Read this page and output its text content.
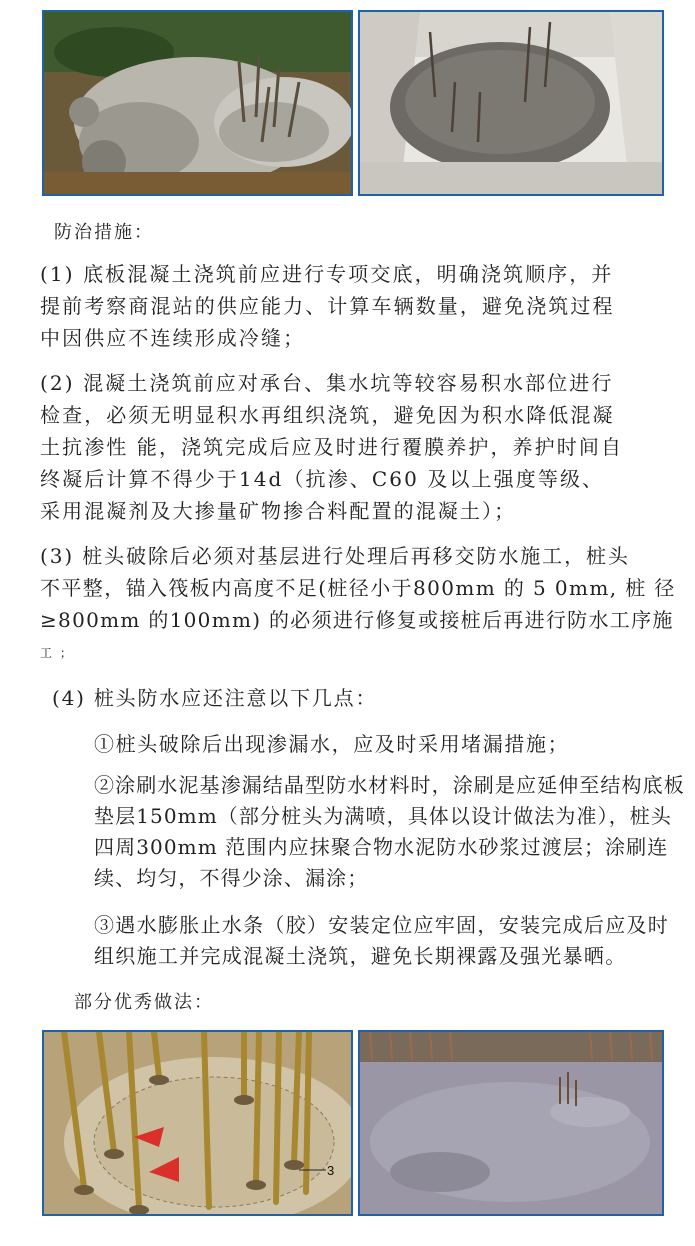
防治措施：
(1) 底板混凝土浇筑前应进行专项交底，明确浇筑顺序，并提前考察商混站的供应能力、计算车辆数量，避免浇筑过程中因供应不连续形成冷缝；
(2) 混凝土浇筑前应对承台、集水坑等较容易积水部位进行检查，必须无明显积水再组织浇筑，避免因为积水降低混凝土抗渗性 能，浇筑完成后应及时进行覆膜养护，养护时间自终凝后计算不得少于14d（抗渗、C60 及以上强度等级、采用混凝剂及大掺量矿物掺合料配置的混凝土）；
(3) 桩头破除后必须对基层进行处理后再移交防水施工，桩头
不平整，锚入筏板内高度不足(桩径小于800mm 的 5 0mm, 桩 径
≥800mm 的100mm) 的必须进行修复或接桩后再进行防水工序施
工 ；
(4) 桩头防水应还注意以下几点：
①桩头破除后出现渗漏水，应及时采用堵漏措施；
②涂刷水泥基渗漏结晶型防水材料时，涂刷是应延伸至结构底板垫层150mm（部分桩头为满喷，具体以设计做法为准），桩头四周300mm 范围内应抹聚合物水泥防水砂浆过渡层；涂刷连续、均匀，不得少涂、漏涂；
③遇水膨胀止水条（胶）安装定位应牢固，安装完成后应及时组织施工并完成混凝土浇筑，避免长期裸露及强光暴晒。
部分优秀做法：
3
